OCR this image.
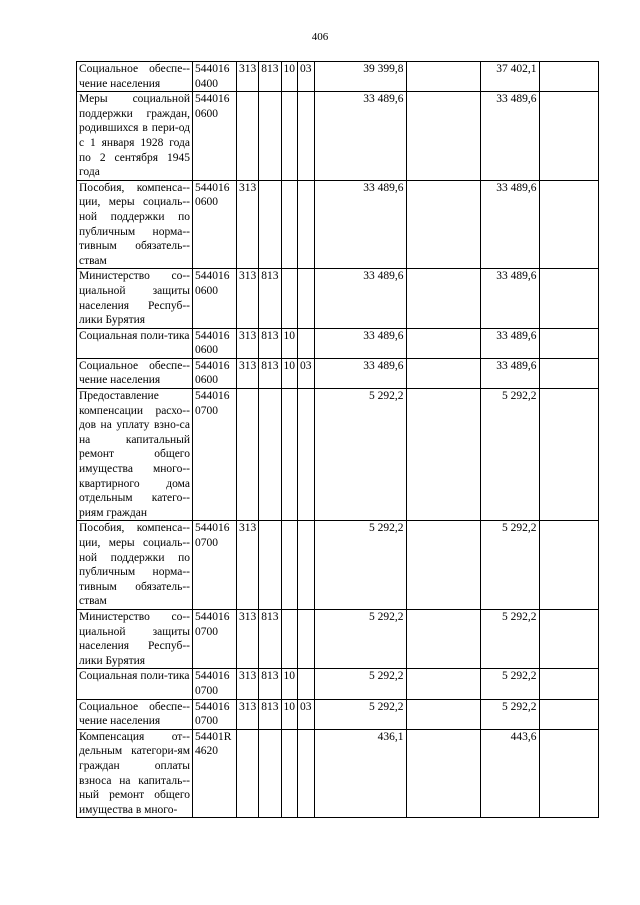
406
Социальное обеспе-чение населения	544016 0400	313	813	10	03	39 399,8		37 402,1	
Меры социальной поддержки граждан, родившихся в пери-од с 1 января 1928 года по 2 сентября 1945 года	544016 0600					33 489,6		33 489,6	
Пособия, компенса-ции, меры социаль-ной поддержки по публичным норма-тивным обязатель-ствам	544016 0600	313				33 489,6		33 489,6	
Министерство со-циальной защиты населения Респуб-лики Бурятия	544016 0600	313	813			33 489,6		33 489,6	
Социальная поли-тика	544016 0600	313	813	10		33 489,6		33 489,6	
Социальное обеспе-чение населения	544016 0600	313	813	10	03	33 489,6		33 489,6	
Предоставление компенсации расхо-дов на уплату взно-са на капитальный ремонт общего имущества много-квартирного дома отдельным катего-риям граждан	544016 0700					5 292,2		5 292,2	
Пособия, компенса-ции, меры социаль-ной поддержки по публичным норма-тивным обязатель-ствам	544016 0700	313				5 292,2		5 292,2	
Министерство со-циальной защиты населения Респуб-лики Бурятия	544016 0700	313	813			5 292,2		5 292,2	
Социальная поли-тика	544016 0700	313	813	10		5 292,2		5 292,2	
Социальное обеспе-чение населения	544016 0700	313	813	10	03	5 292,2		5 292,2	
Компенсация от-дельным категори-ям граждан оплаты взноса на капиталь-ный ремонт общего имущества в много-	54401R 4620					436,1		443,6	
